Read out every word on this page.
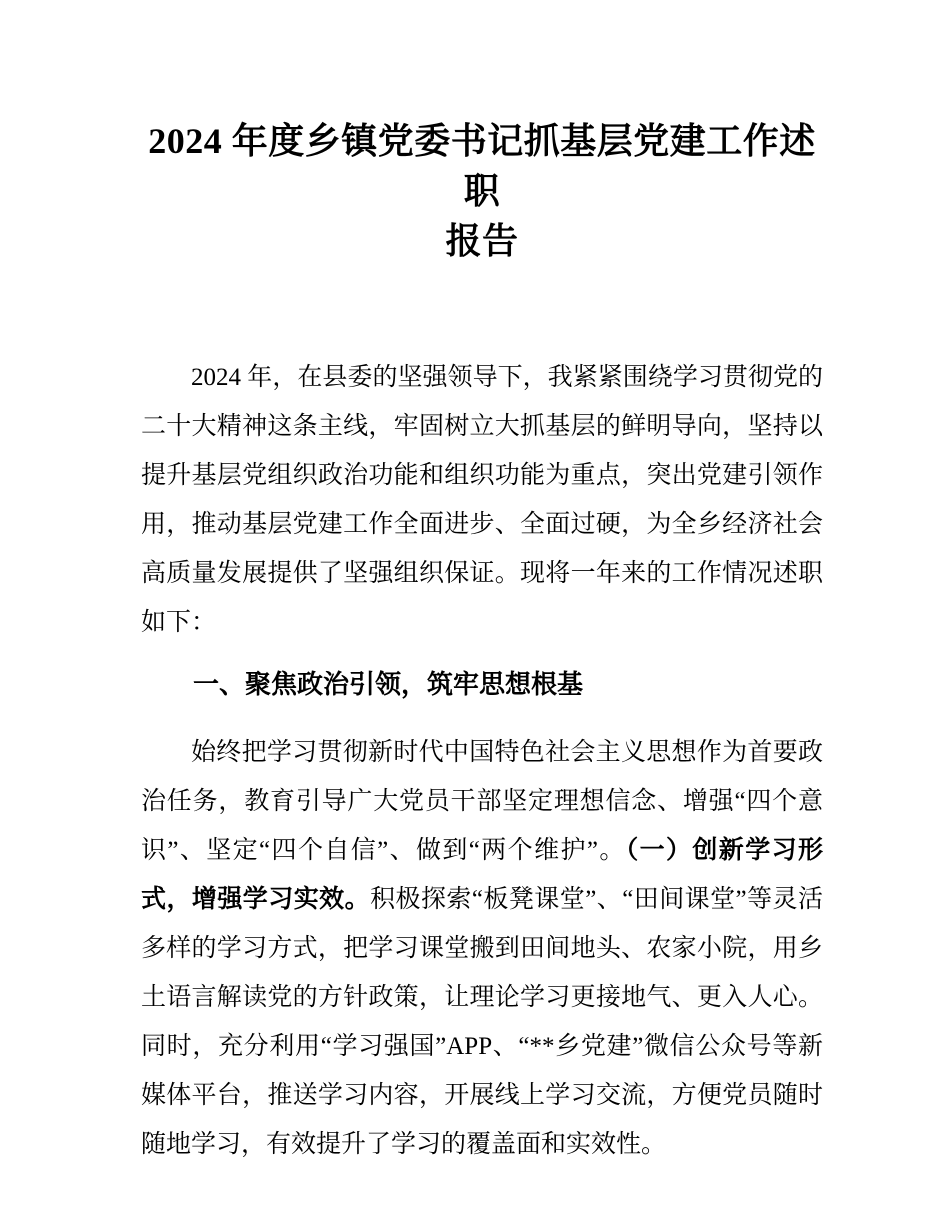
2024 年度乡镇党委书记抓基层党建工作述职
报告

2024 年，在县委的坚强领导下，我紧紧围绕学习贯彻党的二十大精神这条主线，牢固树立大抓基层的鲜明导向，坚持以提升基层党组织政治功能和组织功能为重点，突出党建引领作用，推动基层党建工作全面进步、全面过硬，为全乡经济社会高质量发展提供了坚强组织保证。现将一年来的工作情况述职如下：

一、聚焦政治引领，筑牢思想根基

始终把学习贯彻新时代中国特色社会主义思想作为首要政治任务，教育引导广大党员干部坚定理想信念、增强“四个意识”、坚定“四个自信”、做到“两个维护”。（一）创新学习形式，增强学习实效。积极探索“板凳课堂”、“田间课堂”等灵活多样的学习方式，把学习课堂搬到田间地头、农家小院，用乡土语言解读党的方针政策，让理论学习更接地气、更入人心。同时，充分利用“学习强国”APP、“**乡党建”微信公众号等新媒体平台，推送学习内容，开展线上学习交流，方便党员随时随地学习，有效提升了学习的覆盖面和实效性。
